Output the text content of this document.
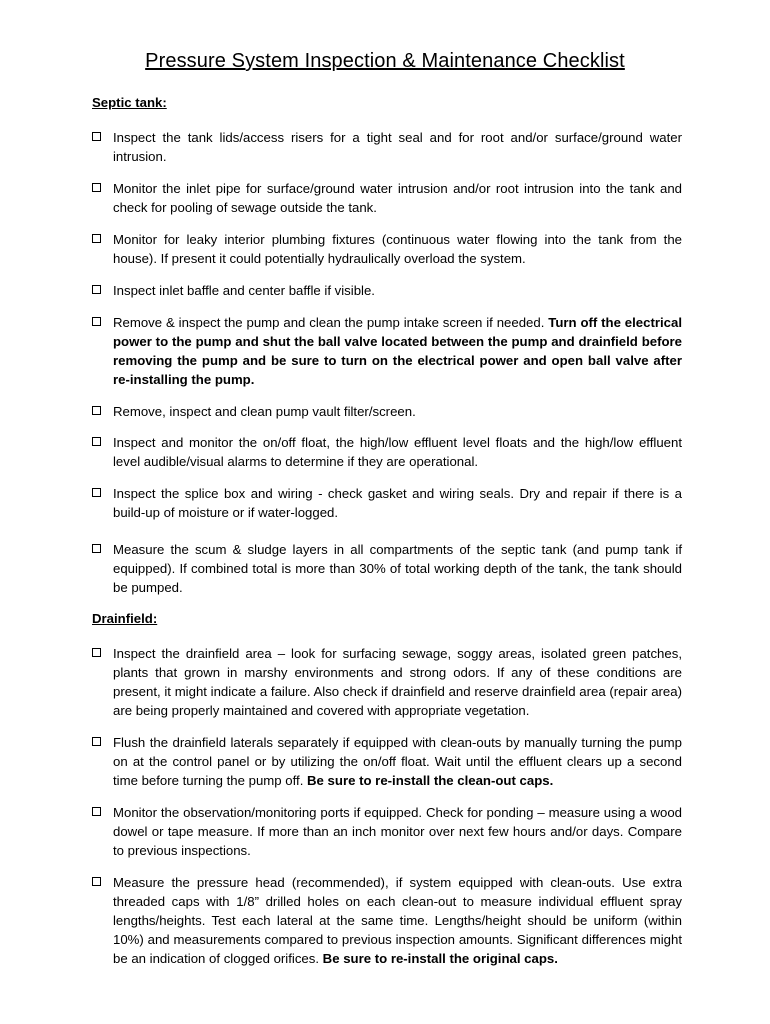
Pressure System Inspection & Maintenance Checklist
Septic tank:
Inspect the tank lids/access risers for a tight seal and for root and/or surface/ground water intrusion.
Monitor the inlet pipe for surface/ground water intrusion and/or root intrusion into the tank and check for pooling of sewage outside the tank.
Monitor for leaky interior plumbing fixtures (continuous water flowing into the tank from the house). If present it could potentially hydraulically overload the system.
Inspect inlet baffle and center baffle if visible.
Remove & inspect the pump and clean the pump intake screen if needed. Turn off the electrical power to the pump and shut the ball valve located between the pump and drainfield before removing the pump and be sure to turn on the electrical power and open ball valve after re-installing the pump.
Remove, inspect and clean pump vault filter/screen.
Inspect and monitor the on/off float, the high/low effluent level floats and the high/low effluent level audible/visual alarms to determine if they are operational.
Inspect the splice box and wiring - check gasket and wiring seals. Dry and repair if there is a build-up of moisture or if water-logged.
Measure the scum & sludge layers in all compartments of the septic tank (and pump tank if equipped). If combined total is more than 30% of total working depth of the tank, the tank should be pumped.
Drainfield:
Inspect the drainfield area – look for surfacing sewage, soggy areas, isolated green patches, plants that grown in marshy environments and strong odors. If any of these conditions are present, it might indicate a failure. Also check if drainfield and reserve drainfield area (repair area) are being properly maintained and covered with appropriate vegetation.
Flush the drainfield laterals separately if equipped with clean-outs by manually turning the pump on at the control panel or by utilizing the on/off float. Wait until the effluent clears up a second time before turning the pump off. Be sure to re-install the clean-out caps.
Monitor the observation/monitoring ports if equipped. Check for ponding – measure using a wood dowel or tape measure. If more than an inch monitor over next few hours and/or days. Compare to previous inspections.
Measure the pressure head (recommended), if system equipped with clean-outs. Use extra threaded caps with 1/8” drilled holes on each clean-out to measure individual effluent spray lengths/heights. Test each lateral at the same time. Lengths/height should be uniform (within 10%) and measurements compared to previous inspection amounts. Significant differences might be an indication of clogged orifices. Be sure to re-install the original caps.
